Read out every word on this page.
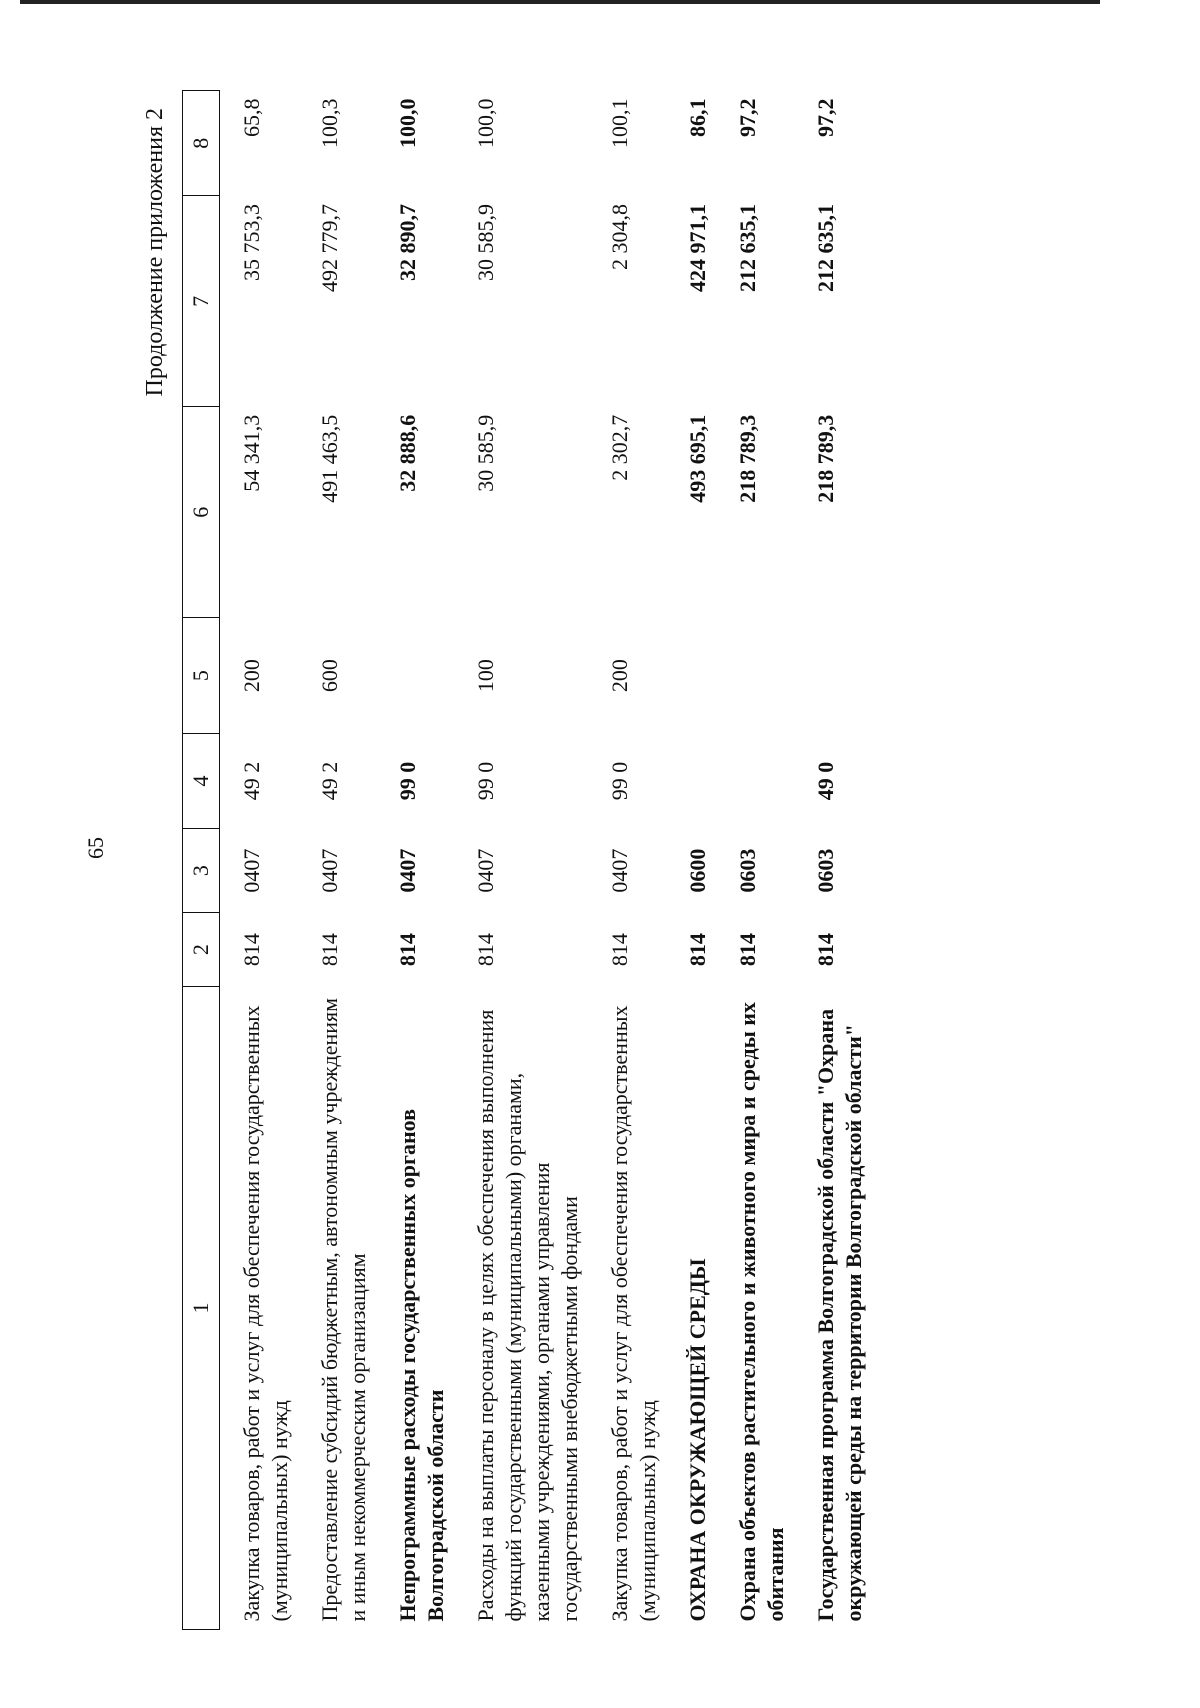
65
Продолжение приложения 2
1	2	3	4	5	6	7	8
Закупка товаров, работ и услуг для обеспечения государственных (муниципальных) нужд	814	0407	49 2	200	54 341,3	35 753,3	65,8
Предоставление субсидий бюджетным, автономным учреждениям и иным некоммерческим организациям	814	0407	49 2	600	491 463,5	492 779,7	100,3
Непрограммные расходы государственных органов Волгоградской области	814	0407	99 0		32 888,6	32 890,7	100,0
Расходы на выплаты персоналу в целях обеспечения выполнения функций государственными (муниципальными) органами, казенными учреждениями, органами управления государственными внебюджетными фондами	814	0407	99 0	100	30 585,9	30 585,9	100,0
Закупка товаров, работ и услуг для обеспечения государственных (муниципальных) нужд	814	0407	99 0	200	2 302,7	2 304,8	100,1
ОХРАНА ОКРУЖАЮЩЕЙ СРЕДЫ	814	0600			493 695,1	424 971,1	86,1
Охрана объектов растительного и животного мира и среды их обитания	814	0603			218 789,3	212 635,1	97,2
Государственная программа Волгоградской области "Охрана окружающей среды на территории Волгоградской области"	814	0603	49 0		218 789,3	212 635,1	97,2
